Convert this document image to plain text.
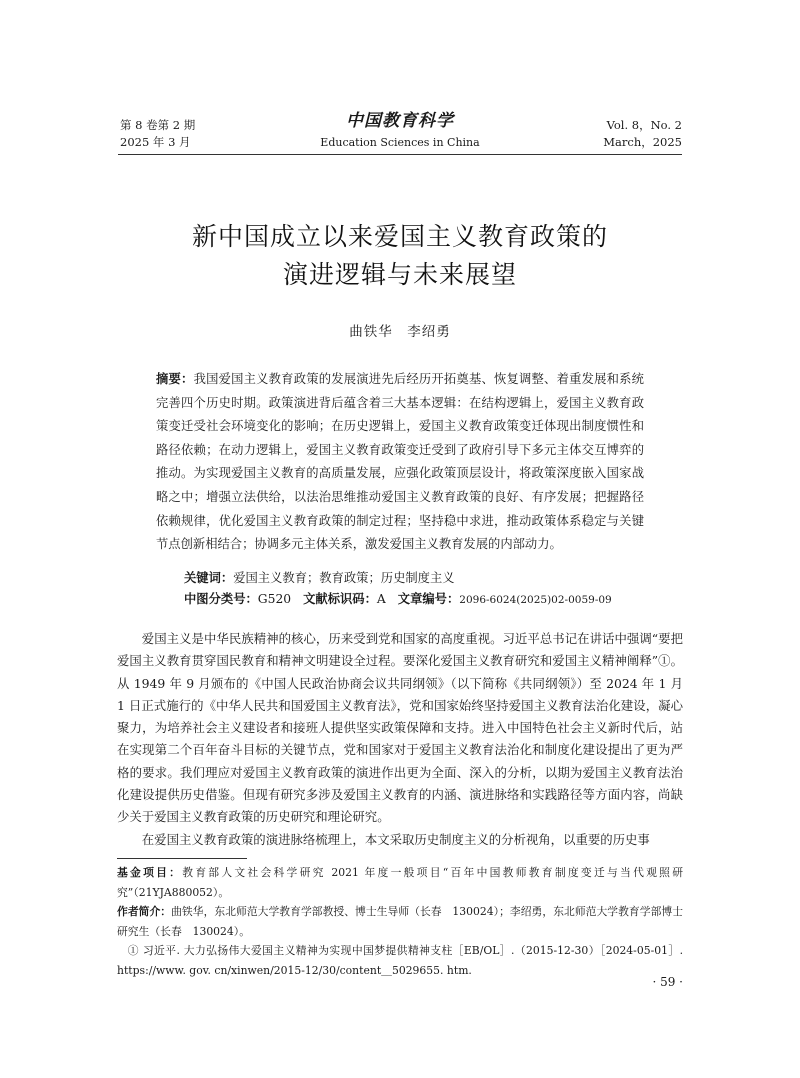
第 8 卷第 2 期
2025 年 3 月
中国教育科学
Education Sciences in China
Vol. 8，No. 2
March，2025
新中国成立以来爱国主义教育政策的
演进逻辑与未来展望
曲铁华　李绍勇
摘要：我国爱国主义教育政策的发展演进先后经历开拓奠基、恢复调整、着重发展和系统完善四个历史时期。政策演进背后蕴含着三大基本逻辑：在结构逻辑上，爱国主义教育政策变迁受社会环境变化的影响；在历史逻辑上，爱国主义教育政策变迁体现出制度惯性和路径依赖；在动力逻辑上，爱国主义教育政策变迁受到了政府引导下多元主体交互博弈的推动。为实现爱国主义教育的高质量发展，应强化政策顶层设计，将政策深度嵌入国家战略之中；增强立法供给，以法治思维推动爱国主义教育政策的良好、有序发展；把握路径依赖规律，优化爱国主义教育政策的制定过程；坚持稳中求进，推动政策体系稳定与关键节点创新相结合；协调多元主体关系，激发爱国主义教育发展的内部动力。
关键词：爱国主义教育；教育政策；历史制度主义
中图分类号：G520 文献标识码：A 文章编号：2096-6024(2025)02-0059-09

爱国主义是中华民族精神的核心，历来受到党和国家的高度重视。习近平总书记在讲话中强调“要把爱国主义教育贯穿国民教育和精神文明建设全过程。要深化爱国主义教育研究和爱国主义精神阐释”①。从 1949 年 9 月颁布的《中国人民政治协商会议共同纲领》（以下简称《共同纲领》）至 2024 年 1 月 1 日正式施行的《中华人民共和国爱国主义教育法》，党和国家始终坚持爱国主义教育法治化建设，凝心聚力，为培养社会主义建设者和接班人提供坚实政策保障和支持。进入中国特色社会主义新时代后，站在实现第二个百年奋斗目标的关键节点，党和国家对于爱国主义教育法治化和制度化建设提出了更为严格的要求。我们理应对爱国主义教育政策的演进作出更为全面、深入的分析，以期为爱国主义教育法治化建设提供历史借鉴。但现有研究多涉及爱国主义教育的内涵、演进脉络和实践路径等方面内容，尚缺少关于爱国主义教育政策的历史研究和理论研究。

在爱国主义教育政策的演进脉络梳理上，本文采取历史制度主义的分析视角，以重要的历史事

基金项目：教育部人文社会科学研究 2021 年度一般项目“百年中国教师教育制度变迁与当代观照研究”（21YJA880052）。

作者简介：曲铁华，东北师范大学教育学部教授、博士生导师（长春　130024）；李绍勇，东北师范大学教育学部博士研究生（长春　130024）。

① 习近平. 大力弘扬伟大爱国主义精神为实现中国梦提供精神支柱［EB/OL］.（2015-12-30）［2024-05-01］. https://www. gov. cn/xinwen/2015-12/30/content＿5029655. htm.

· 59 ·
